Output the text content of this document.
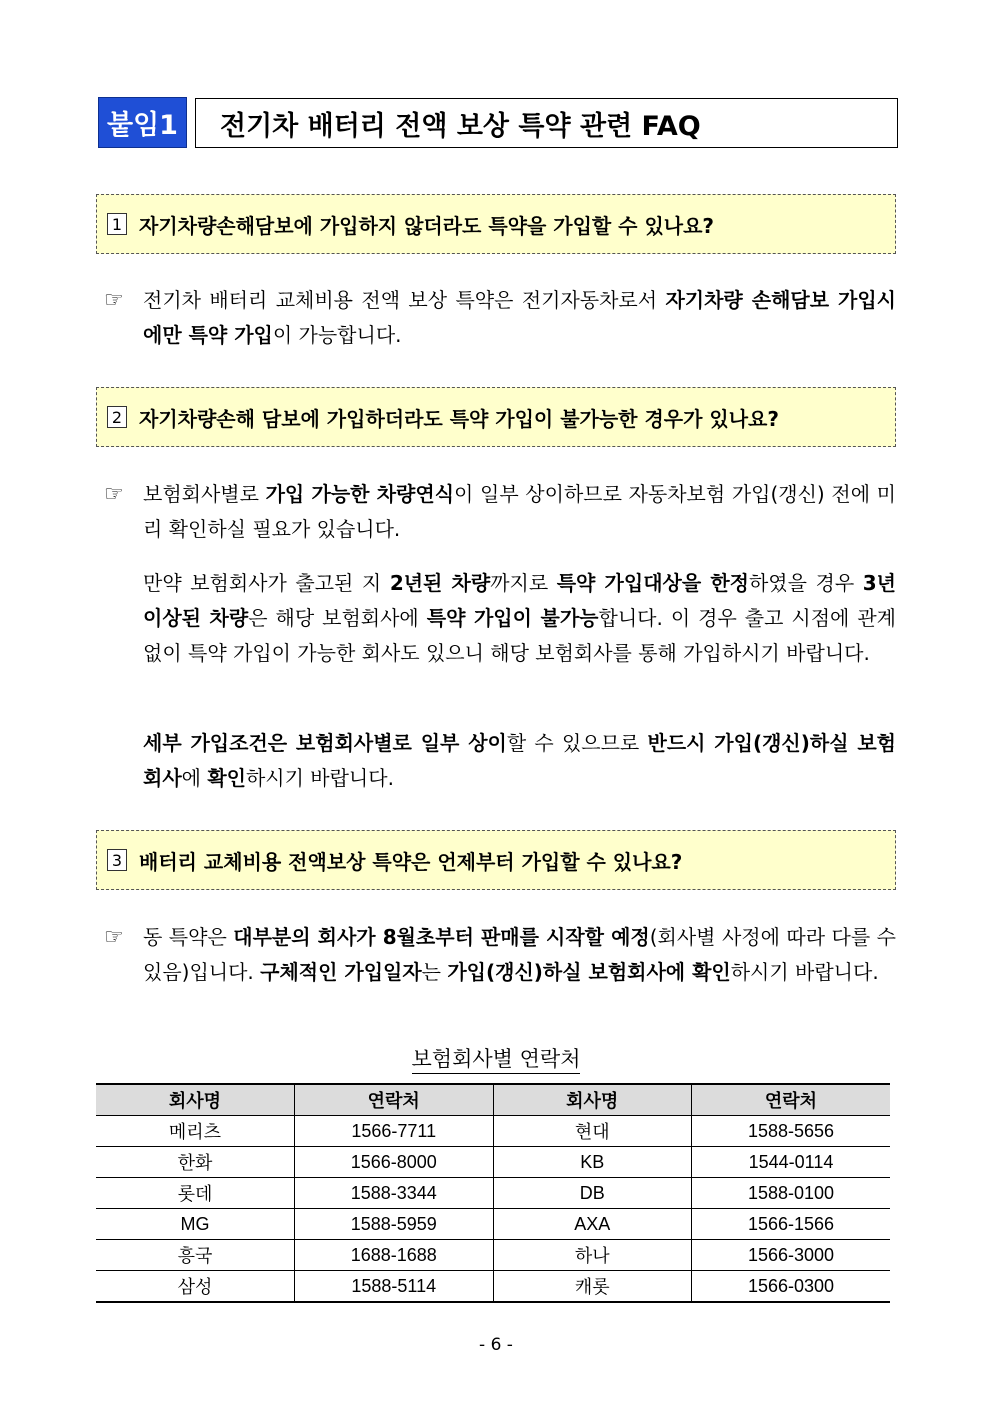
붙임1	전기차 배터리 전액 보상 특약 관련 FAQ
1 자기차량손해담보에 가입하지 않더라도 특약을 가입할 수 있나요?
☞ 전기차 배터리 교체비용 전액 보상 특약은 전기자동차로서 자기차량 손해담보 가입시에만 특약 가입이 가능합니다.
2 자기차량손해 담보에 가입하더라도 특약 가입이 불가능한 경우가 있나요?
☞ 보험회사별로 가입 가능한 차량연식이 일부 상이하므로 자동차보험 가입(갱신) 전에 미리 확인하실 필요가 있습니다.
만약 보험회사가 출고된 지 2년된 차량까지로 특약 가입대상을 한정하였을 경우 3년 이상된 차량은 해당 보험회사에 특약 가입이 불가능합니다. 이 경우 출고 시점에 관계없이 특약 가입이 가능한 회사도 있으니 해당 보험회사를 통해 가입하시기 바랍니다.
세부 가입조건은 보험회사별로 일부 상이할 수 있으므로 반드시 가입(갱신)하실 보험회사에 확인하시기 바랍니다.
3 배터리 교체비용 전액보상 특약은 언제부터 가입할 수 있나요?
☞ 동 특약은 대부분의 회사가 8월초부터 판매를 시작할 예정(회사별 사정에 따라 다를 수 있음)입니다. 구체적인 가입일자는 가입(갱신)하실 보험회사에 확인하시기 바랍니다.
보험회사별 연락처
회사명	연락처	회사명	연락처
메리츠	1566-7711	현대	1588-5656
한화	1566-8000	KB	1544-0114
롯데	1588-3344	DB	1588-0100
MG	1588-5959	AXA	1566-1566
흥국	1688-1688	하나	1566-3000
삼성	1588-5114	캐롯	1566-0300
- 6 -
